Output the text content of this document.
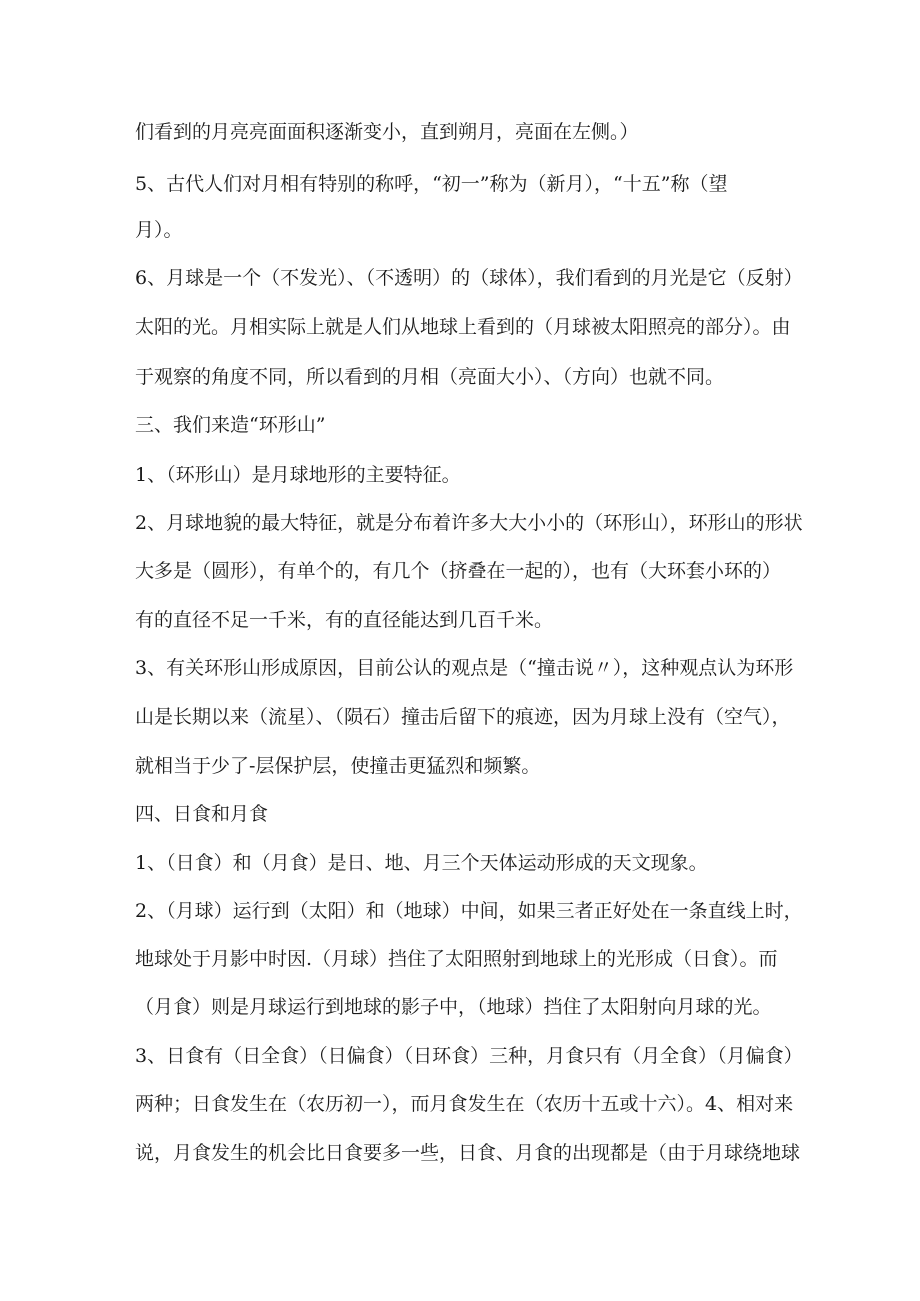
们看到的月亮亮面面积逐渐变小，直到朔月，亮面在左侧。）
5、古代人们对月相有特别的称呼，“初一”称为（新月），“十五”称（望
月）。
6、月球是一个（不发光）、（不透明）的（球体），我们看到的月光是它（反射）
太阳的光。月相实际上就是人们从地球上看到的（月球被太阳照亮的部分）。由
于观察的角度不同，所以看到的月相（亮面大小）、（方向）也就不同。
三、我们来造“环形山”
1、（环形山）是月球地形的主要特征。
2、月球地貌的最大特征，就是分布着许多大大小小的（环形山），环形山的形状
大多是（圆形），有单个的，有几个（挤叠在一起的），也有（大环套小环的）
有的直径不足一千米，有的直径能达到几百千米。
3、有关环形山形成原因，目前公认的观点是（“撞击说〃），这种观点认为环形
山是长期以来（流星）、（陨石）撞击后留下的痕迹，因为月球上没有（空气），
就相当于少了-层保护层，使撞击更猛烈和频繁。
四、日食和月食
1、（日食）和（月食）是日、地、月三个天体运动形成的天文现象。
2、（月球）运行到（太阳）和（地球）中间，如果三者正好处在一条直线上时，
地球处于月影中时因.（月球）挡住了太阳照射到地球上的光形成（日食）。而
（月食）则是月球运行到地球的影子中，（地球）挡住了太阳射向月球的光。
3、日食有（日全食）（日偏食）（日环食）三种，月食只有（月全食）（月偏食）
两种；日食发生在（农历初一），而月食发生在（农历十五或十六）。4、相对来
说，月食发生的机会比日食要多一些，日食、月食的出现都是（由于月球绕地球
